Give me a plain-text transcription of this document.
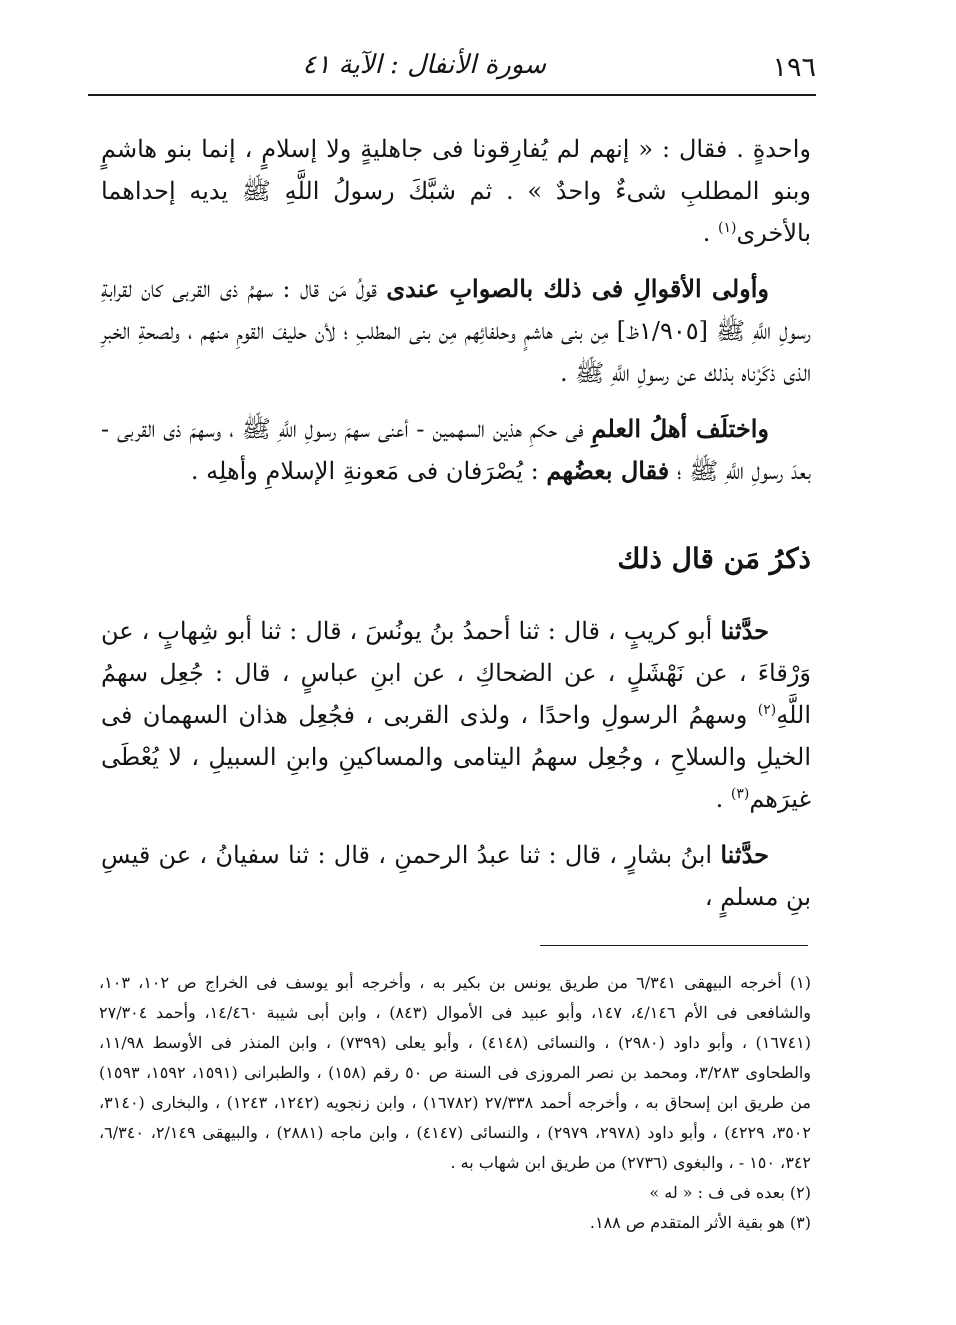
١٩٦
سورة الأنفال : الآية ٤١

واحدةٍ . فقال : « إنهم لم يُفارِقونا فى جاهليةٍ ولا إسلامٍ ، إنما بنو هاشمٍ وبنو المطلبِ شىءٌ واحدٌ » . ثم شبَّكَ رسولُ اللَّهِ ﷺ يديه إحداهما بالأخرى$^{(١)}$ .

وأولى الأقوالِ فى ذلك بالصوابِ عندى قولُ مَن قال : سهمُ ذى القربى كان لقرابةِ رسولِ اللَّهِ ﷺ [١/٩٠٥ظ] مِن بنى هاشمٍ وحلفائِهم مِن بنى المطلبِ ؛ لأن حليفَ القومِ منهم ، ولصحةِ الخبرِ الذى ذكَرْناه بذلك عن رسولِ اللَّهِ ﷺ .

واختلَف أهلُ العلمِ فى حكمِ هذين السهمين - أعنى سهمَ رسولِ اللَّهِ ﷺ ، وسهمَ ذى القربى - بعدَ رسولِ اللَّهِ ﷺ ؛ فقال بعضُهم : يُصْرَفان فى مَعونةِ الإسلامِ وأهلِه .

ذكرُ مَن قال ذلك

حدَّثنا أبو كريبٍ ، قال : ثنا أحمدُ بنُ يونُسَ ، قال : ثنا أبو شِهابٍ ، عن وَرْقاءَ ، عن نَهْشَلٍ ، عن الضحاكِ ، عن ابنِ عباسٍ ، قال : جُعِل سهمُ اللَّهِ$^{(٢)}$ وسهمُ الرسولِ واحدًا ، ولذى القربى ، فجُعِل هذان السهمان فى الخيلِ والسلاحِ ، وجُعِل سهمُ اليتامى والمساكينِ وابنِ السبيلِ ، لا يُعْطَى غيرَهم$^{(٣)}$ .

حدَّثنا ابنُ بشارٍ ، قال : ثنا عبدُ الرحمنِ ، قال : ثنا سفيانُ ، عن قيسِ بنِ مسلمٍ ،

(١) أخرجه البيهقى ٦/٣٤١ من طريق يونس بن بكير به ، وأخرجه أبو يوسف فى الخراج ص ١٠٢، ١٠٣، والشافعى فى الأم ٤/١٤٦، ١٤٧، وأبو عبيد فى الأموال (٨٤٣) ، وابن أبى شيبة ١٤/٤٦٠، وأحمد ٢٧/٣٠٤ (١٦٧٤١) ، وأبو داود (٢٩٨٠) ، والنسائى (٤١٤٨) ، وأبو يعلى (٧٣٩٩) ، وابن المنذر فى الأوسط ١١/٩٨، والطحاوى ٣/٢٨٣، ومحمد بن نصر المروزى فى السنة ص ٥٠ رقم (١٥٨) ، والطبرانى (١٥٩١، ١٥٩٢، ١٥٩٣) من طريق ابن إسحاق به ، وأخرجه أحمد ٢٧/٣٣٨ (١٦٧٨٢) ، وابن زنجويه (١٢٤٢، ١٢٤٣) ، والبخارى (٣١٤٠، ٣٥٠٢، ٤٢٢٩) ، وأبو داود (٢٩٧٨، ٢٩٧٩) ، والنسائى (٤١٤٧) ، وابن ماجه (٢٨٨١) ، والبيهقى ٢/١٤٩، ٦/٣٤٠، ٣٤٢، ١٥٠ - ، والبغوى (٢٧٣٦) من طريق ابن شهاب به .

(٢) بعده فى ف : « له »

(٣) هو بقية الأثر المتقدم ص ١٨٨.
